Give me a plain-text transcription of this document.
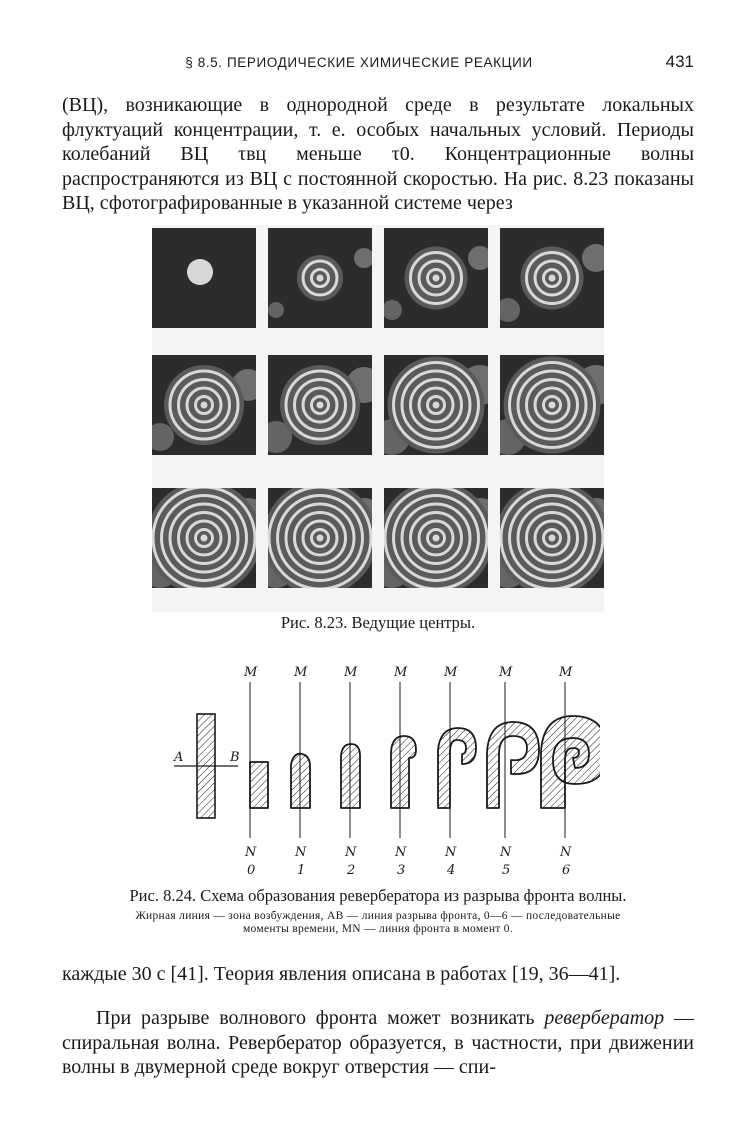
§ 8.5. ПЕРИОДИЧЕСКИЕ ХИМИЧЕСКИЕ РЕАКЦИИ	431

(ВЦ), возникающие в однородной среде в результате локальных флуктуаций концентрации, т. е. особых начальных условий. Периоды колебаний ВЦ τвц меньше τ0. Концентрационные волны распространяются из ВЦ с постоянной скоростью. На рис. 8.23 показаны ВЦ, сфотографированные в указанной системе через

Рис. 8.23. Ведущие центры.

A	B
M
N
0
M
N
1
M
N
2
M
N
3
M
N
4
M
N
5
M
N
6

Рис. 8.24. Схема образования ревербератора из разрыва фронта волны.

Жирная линия — зона возбуждения, AB — линия разрыва фронта, 0—6 — последовательные
моменты времени, MN — линия фронта в момент 0.

каждые 30 с [41]. Теория явления описана в работах [19, 36—41].

При разрыве волнового фронта может возникать ревербератор — спиральная волна. Ревербератор образуется, в частности, при движении волны в двумерной среде вокруг отверстия — спи-
